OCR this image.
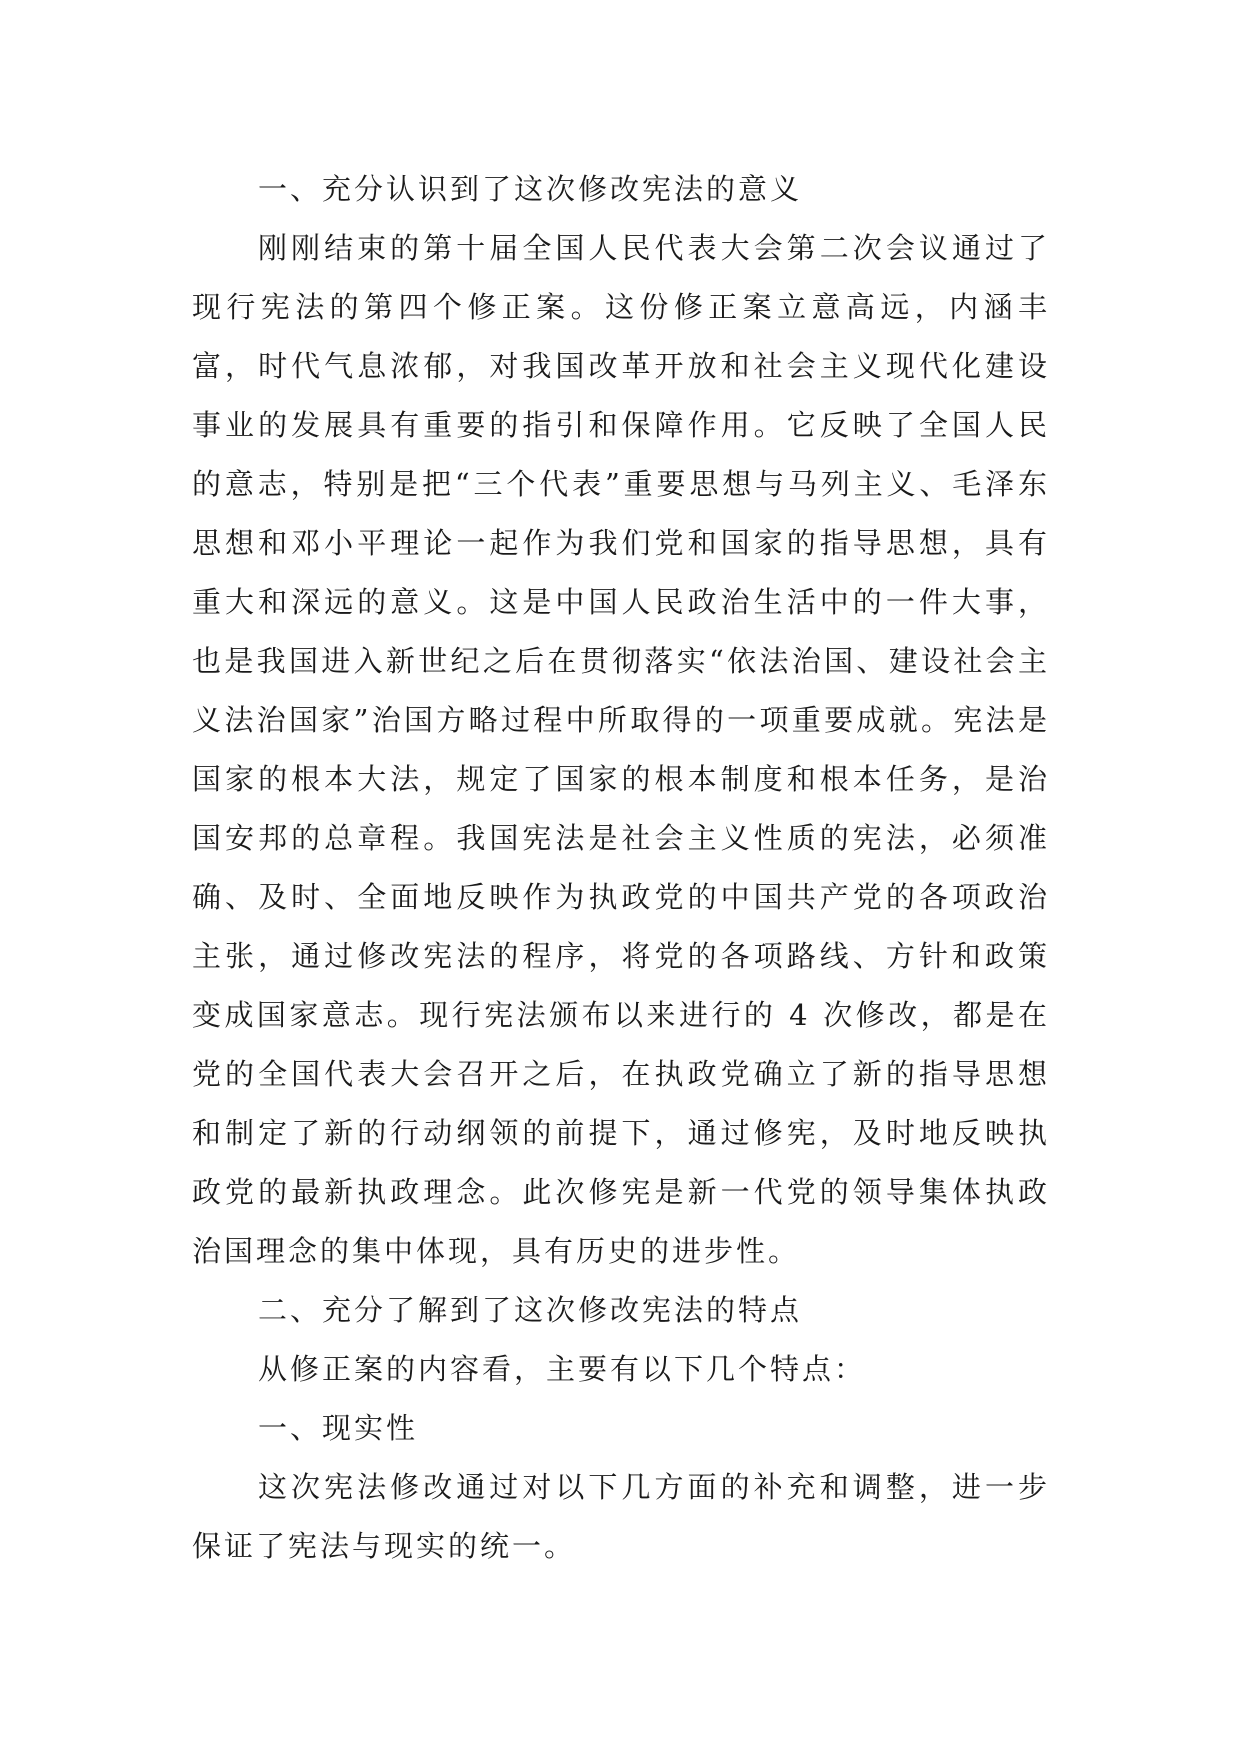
一、充分认识到了这次修改宪法的意义

刚刚结束的第十届全国人民代表大会第二次会议通过了现行宪法的第四个修正案。这份修正案立意高远，内涵丰富，时代气息浓郁，对我国改革开放和社会主义现代化建设事业的发展具有重要的指引和保障作用。它反映了全国人民的意志，特别是把“三个代表”重要思想与马列主义、毛泽东思想和邓小平理论一起作为我们党和国家的指导思想，具有重大和深远的意义。这是中国人民政治生活中的一件大事，也是我国进入新世纪之后在贯彻落实“依法治国、建设社会主义法治国家”治国方略过程中所取得的一项重要成就。宪法是国家的根本大法，规定了国家的根本制度和根本任务，是治国安邦的总章程。我国宪法是社会主义性质的宪法，必须准确、及时、全面地反映作为执政党的中国共产党的各项政治主张，通过修改宪法的程序，将党的各项路线、方针和政策变成国家意志。现行宪法颁布以来进行的 4 次修改，都是在党的全国代表大会召开之后，在执政党确立了新的指导思想和制定了新的行动纲领的前提下，通过修宪，及时地反映执政党的最新执政理念。此次修宪是新一代党的领导集体执政治国理念的集中体现，具有历史的进步性。

二、充分了解到了这次修改宪法的特点

从修正案的内容看，主要有以下几个特点：

一、现实性

这次宪法修改通过对以下几方面的补充和调整，进一步保证了宪法与现实的统一。
